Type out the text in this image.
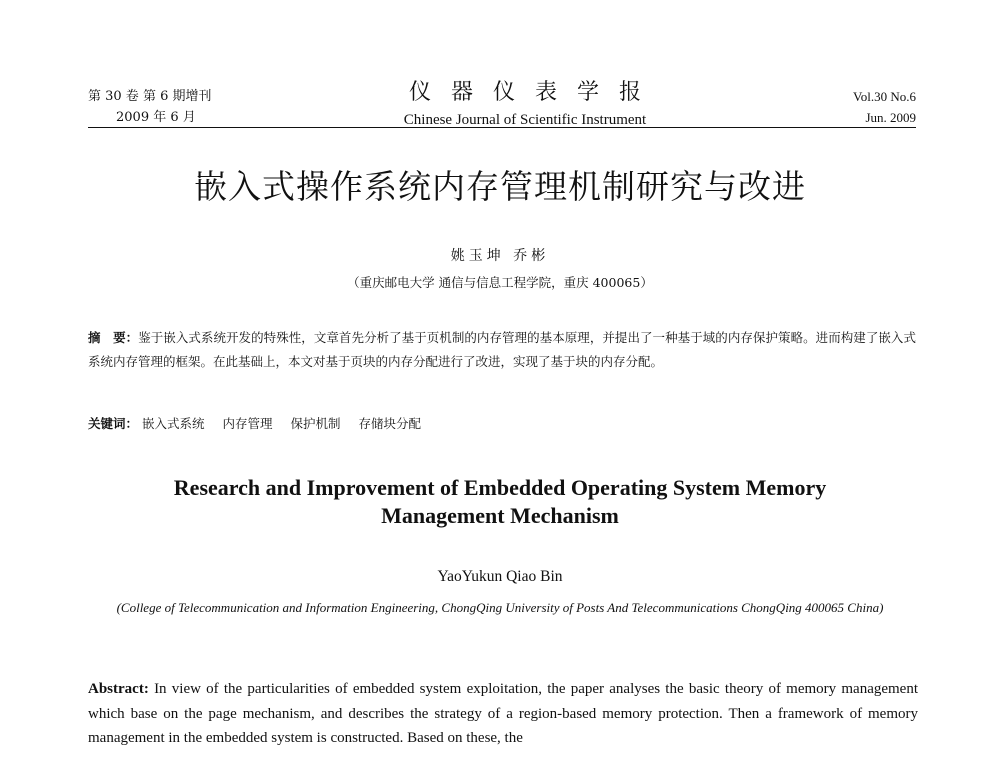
第 30 卷 第 6 期增刊
2009 年 6 月
仪器仪表学报
Chinese Journal of Scientific Instrument
Vol.30 No.6
Jun. 2009
嵌入式操作系统内存管理机制研究与改进
姚玉坤 乔彬
（重庆邮电大学 通信与信息工程学院，重庆 400065）
摘　要：鉴于嵌入式系统开发的特殊性，文章首先分析了基于页机制的内存管理的基本原理，并提出了一种基于域的内存保护策略。进而构建了嵌入式系统内存管理的框架。在此基础上，本文对基于页块的内存分配进行了改进，实现了基于块的内存分配。
关键词： 嵌入式系统 内存管理 保护机制 存储块分配
Research and Improvement of Embedded Operating System Memory
Management Mechanism
YaoYukun Qiao Bin
(College of Telecommunication and Information Engineering, ChongQing University of Posts And Telecommunications ChongQing 400065 China)
Abstract: In view of the particularities of embedded system exploitation, the paper analyses the basic theory of memory management which base on the page mechanism, and describes the strategy of a region-based memory protection. Then a framework of memory management in the embedded system is constructed. Based on these, the
